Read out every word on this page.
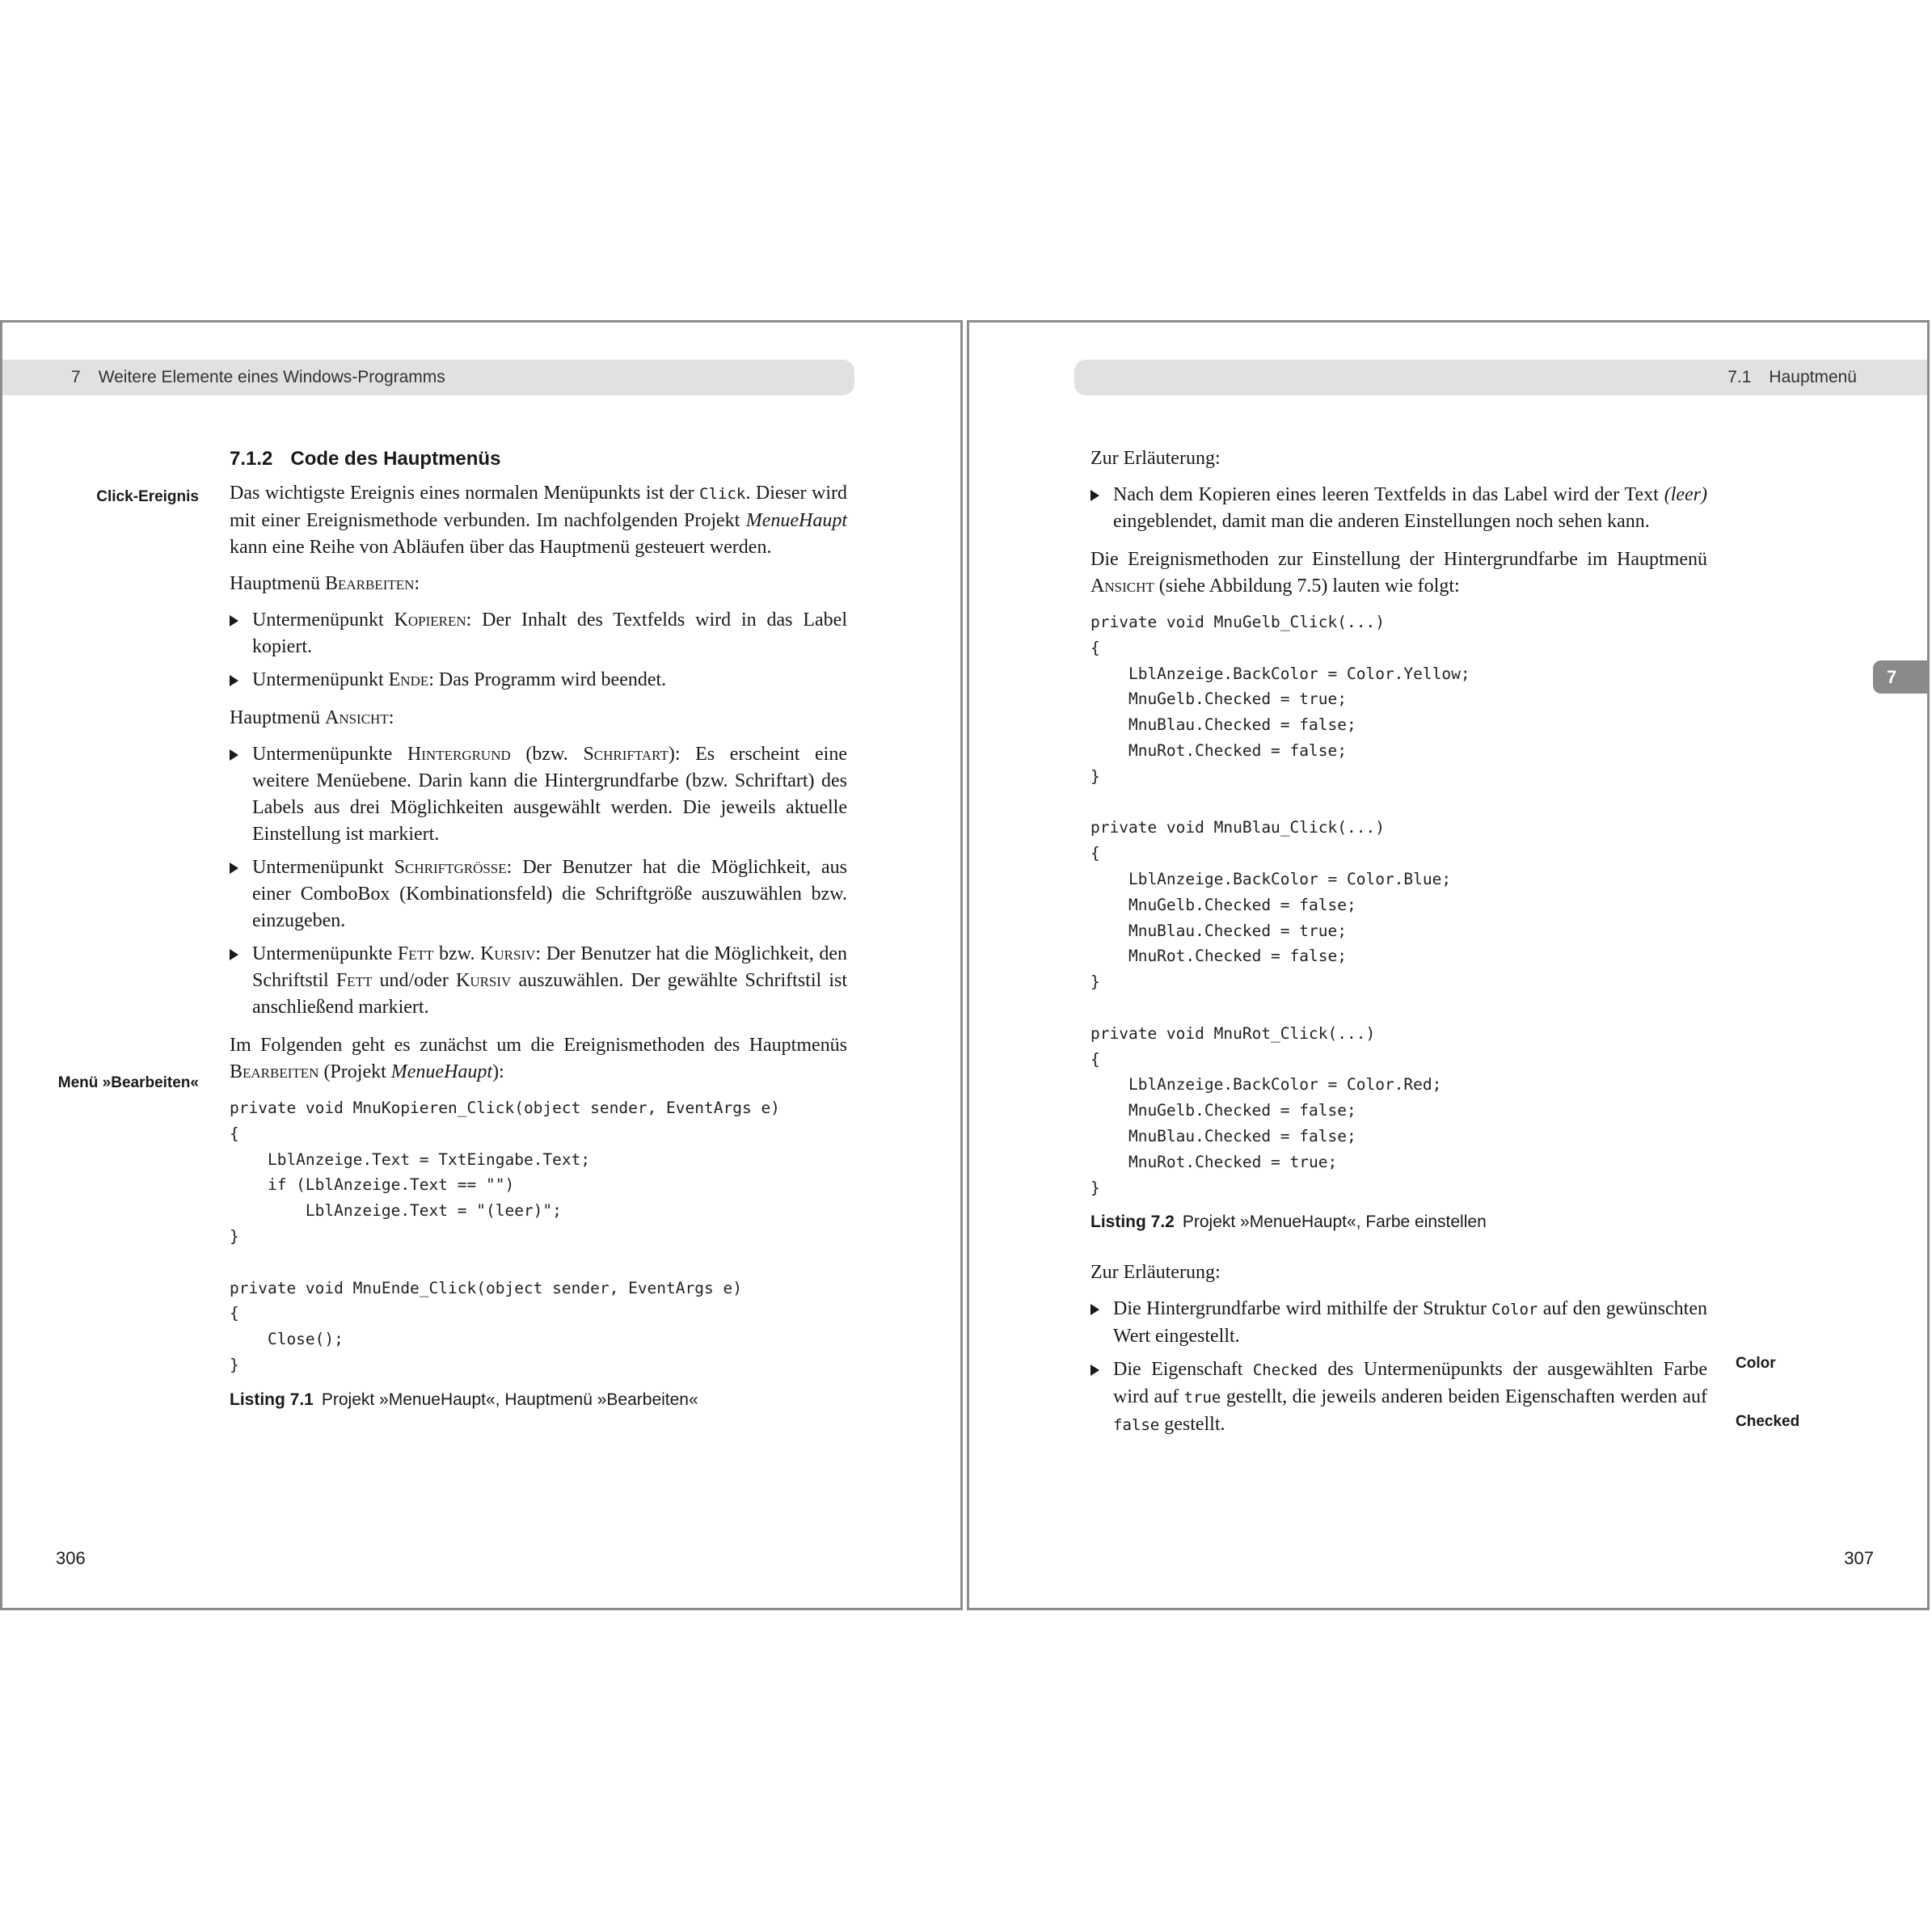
7 Weitere Elemente eines Windows-Programms
Click-Ereignis
Menü »Bearbeiten«
7.1.2 Code des Hauptmenüs

Das wichtigste Ereignis eines normalen Menüpunkts ist der Click. Dieser wird mit einer Ereignismethode verbunden. Im nachfolgenden Projekt MenueHaupt kann eine Reihe von Abläufen über das Hauptmenü gesteuert werden.

Hauptmenü Bearbeiten:

Untermenüpunkt Kopieren: Der Inhalt des Textfelds wird in das Label kopiert.
Untermenüpunkt Ende: Das Programm wird beendet.

Hauptmenü Ansicht:

Untermenüpunkte Hintergrund (bzw. Schriftart): Es erscheint eine weitere Menüebene. Darin kann die Hintergrundfarbe (bzw. Schriftart) des Labels aus drei Möglichkeiten ausgewählt werden. Die jeweils aktuelle Einstellung ist markiert.
Untermenüpunkt Schriftgrösse: Der Benutzer hat die Möglichkeit, aus einer ComboBox (Kombinationsfeld) die Schriftgröße auszuwählen bzw. einzugeben.
Untermenüpunkte Fett bzw. Kursiv: Der Benutzer hat die Möglichkeit, den Schriftstil Fett und/oder Kursiv auszuwählen. Der gewählte Schriftstil ist anschließend markiert.

Im Folgenden geht es zunächst um die Ereignismethoden des Hauptmenüs Bearbeiten (Projekt MenueHaupt):

private void MnuKopieren_Click(object sender, EventArgs e)
{
LblAnzeige.Text = TxtEingabe.Text;
if (LblAnzeige.Text == "")
LblAnzeige.Text = "(leer)";
}

private void MnuEnde_Click(object sender, EventArgs e)
{
Close();
}
Listing 7.1 Projekt »MenueHaupt«, Hauptmenü »Bearbeiten«
306
7.1 Hauptmenü
7
Color
Checked

Zur Erläuterung:

Nach dem Kopieren eines leeren Textfelds in das Label wird der Text (leer) eingeblendet, damit man die anderen Einstellungen noch sehen kann.

Die Ereignismethoden zur Einstellung der Hintergrundfarbe im Hauptmenü Ansicht (siehe Abbildung 7.5) lauten wie folgt:

private void MnuGelb_Click(...)
{
LblAnzeige.BackColor = Color.Yellow;
MnuGelb.Checked = true;
MnuBlau.Checked = false;
MnuRot.Checked = false;
}

private void MnuBlau_Click(...)
{
LblAnzeige.BackColor = Color.Blue;
MnuGelb.Checked = false;
MnuBlau.Checked = true;
MnuRot.Checked = false;
}

private void MnuRot_Click(...)
{
LblAnzeige.BackColor = Color.Red;
MnuGelb.Checked = false;
MnuBlau.Checked = false;
MnuRot.Checked = true;
}
Listing 7.2 Projekt »MenueHaupt«, Farbe einstellen

Zur Erläuterung:

Die Hintergrundfarbe wird mithilfe der Struktur Color auf den gewünschten Wert eingestellt.
Die Eigenschaft Checked des Untermenüpunkts der ausgewählten Farbe wird auf true gestellt, die jeweils anderen beiden Eigenschaften werden auf false gestellt.
307
